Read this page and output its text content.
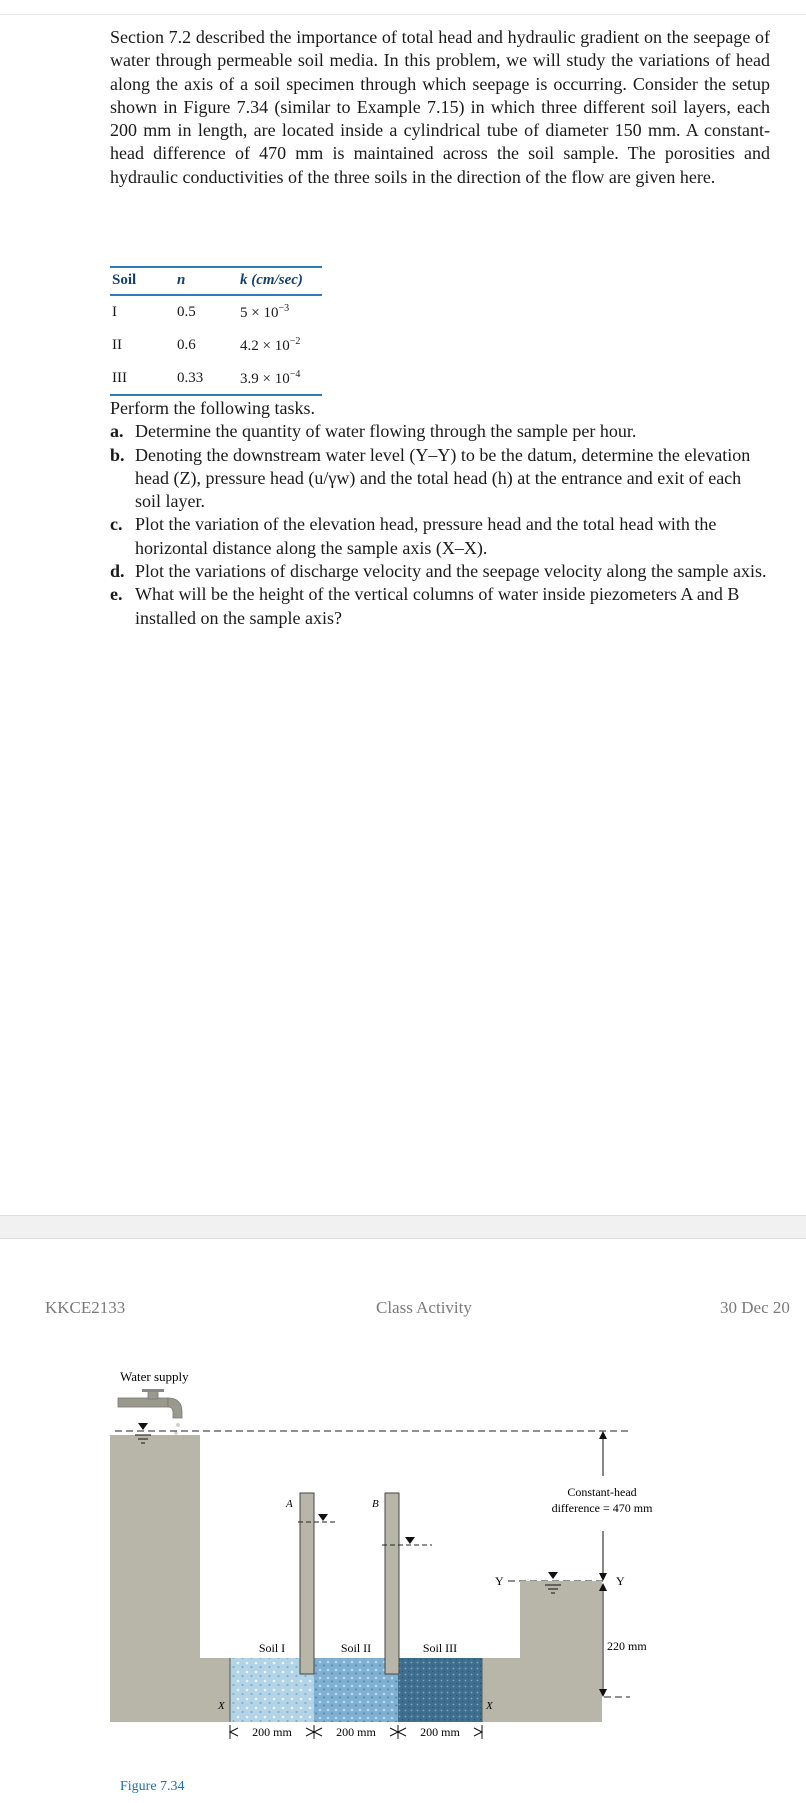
Section 7.2 described the importance of total head and hydraulic gradient on the seepage of water through permeable soil media. In this problem, we will study the variations of head along the axis of a soil specimen through which seepage is occurring. Consider the setup shown in Figure 7.34 (similar to Example 7.15) in which three different soil layers, each 200 mm in length, are located inside a cylindrical tube of diameter 150 mm. A constant-head difference of 470 mm is maintained across the soil sample. The porosities and hydraulic conductivities of the three soils in the direction of the flow are given here.

Soil	n	k (cm/sec)
I	0.5	$5 \times 10^{-3}$
II	0.6	$4.2 \times 10^{-2}$
III	0.33	$3.9 \times 10^{-4}$

Perform the following tasks.

a. Determine the quantity of water flowing through the sample per hour.
b. Denoting the downstream water level (Y–Y) to be the datum, determine the elevation head (Z), pressure head (u/γw) and the total head (h) at the entrance and exit of each soil layer.
c. Plot the variation of the elevation head, pressure head and the total head with the horizontal distance along the sample axis (X–X).
d. Plot the variations of discharge velocity and the seepage velocity along the sample axis.
e. What will be the height of the vertical columns of water inside piezometers A and B installed on the sample axis?
KKCE2133	Class Activity	30 Dec 20
Water supply
A	B
Constant-head
difference = 470 mm
Y	Y
220 mm
Soil I	Soil II	Soil III
X	X
200 mm	200 mm	200 mm
Figure 7.34
